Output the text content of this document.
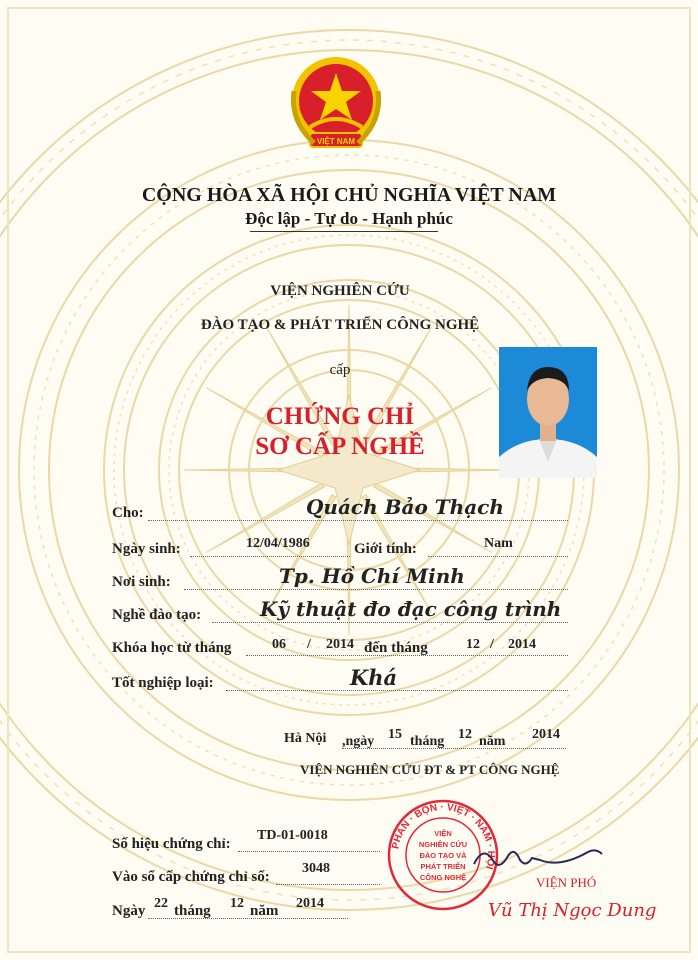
VIỆT NAM
CỘNG HÒA XÃ HỘI CHỦ NGHĨA VIỆT NAM
Độc lập - Tự do - Hạnh phúc
VIỆN NGHIÊN CỨU
ĐÀO TẠO & PHÁT TRIỂN CÔNG NGHỆ
cấp
CHỨNG CHỈ
SƠ CẤP NGHỀ
Cho:	Quách Bảo Thạch
Ngày sinh:	12/04/1986	Giới tính:	Nam
Nơi sinh:	Tp. Hồ Chí Minh
Nghề đào tạo:	Kỹ thuật đo đạc công trình
Khóa học từ tháng	06 / 2014 đến tháng	12 / 2014
Tốt nghiệp loại:	Khá
Hà Nội ,ngày 15 tháng 12 năm 2014
VIỆN NGHIÊN CỨU ĐT & PT CÔNG NGHỆ
PHÂN · BỘN · VIỆT · NAM · HỘI
VIỆN
NGHIÊN CỨU
ĐÀO TẠO VÀ
PHÁT TRIỂN
CÔNG NGHỆ	VIỆN PHÓ
Vũ Thị Ngọc Dung
Số hiệu chứng chỉ:
TD-01-0018
Vào sổ cấp chứng chỉ số:
3048
Ngày 22 tháng 12 năm 2014
